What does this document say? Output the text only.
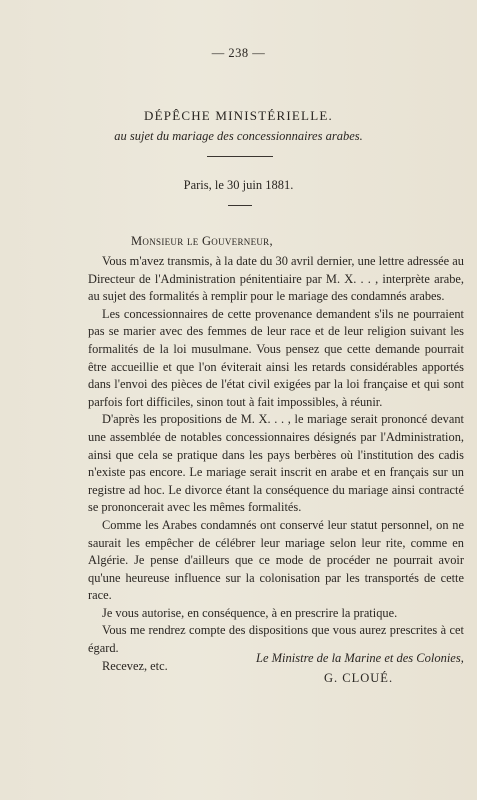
— 238 —
DÉPÊCHE MINISTÉRIELLE.
au sujet du mariage des concessionnaires arabes.
Paris, le 30 juin 1881.
Monsieur le Gouverneur,

Vous m'avez transmis, à la date du 30 avril dernier, une lettre adressée au Directeur de l'Administration pénitentiaire par M. X. . . , interprète arabe, au sujet des formalités à remplir pour le mariage des condamnés arabes.

Les concessionnaires de cette provenance demandent s'ils ne pourraient pas se marier avec des femmes de leur race et de leur religion suivant les formalités de la loi musulmane. Vous pensez que cette demande pourrait être accueillie et que l'on éviterait ainsi les retards considérables apportés dans l'envoi des pièces de l'état civil exigées par la loi française et qui sont parfois fort difficiles, sinon tout à fait impossibles, à réunir.

D'après les propositions de M. X. . . , le mariage serait prononcé devant une assemblée de notables concessionnaires désignés par l'Administration, ainsi que cela se pratique dans les pays berbères où l'institution des cadis n'existe pas encore. Le mariage serait inscrit en arabe et en français sur un registre ad hoc. Le divorce étant la conséquence du mariage ainsi contracté se prononcerait avec les mêmes formalités.

Comme les Arabes condamnés ont conservé leur statut personnel, on ne saurait les empêcher de célébrer leur mariage selon leur rite, comme en Algérie. Je pense d'ailleurs que ce mode de procéder ne pourrait avoir qu'une heureuse influence sur la colonisation par les transportés de cette race.

Je vous autorise, en conséquence, à en prescrire la pratique.

Vous me rendrez compte des dispositions que vous aurez prescrites à cet égard.

Recevez, etc.

Le Ministre de la Marine et des Colonies,
G. CLOUÉ.
